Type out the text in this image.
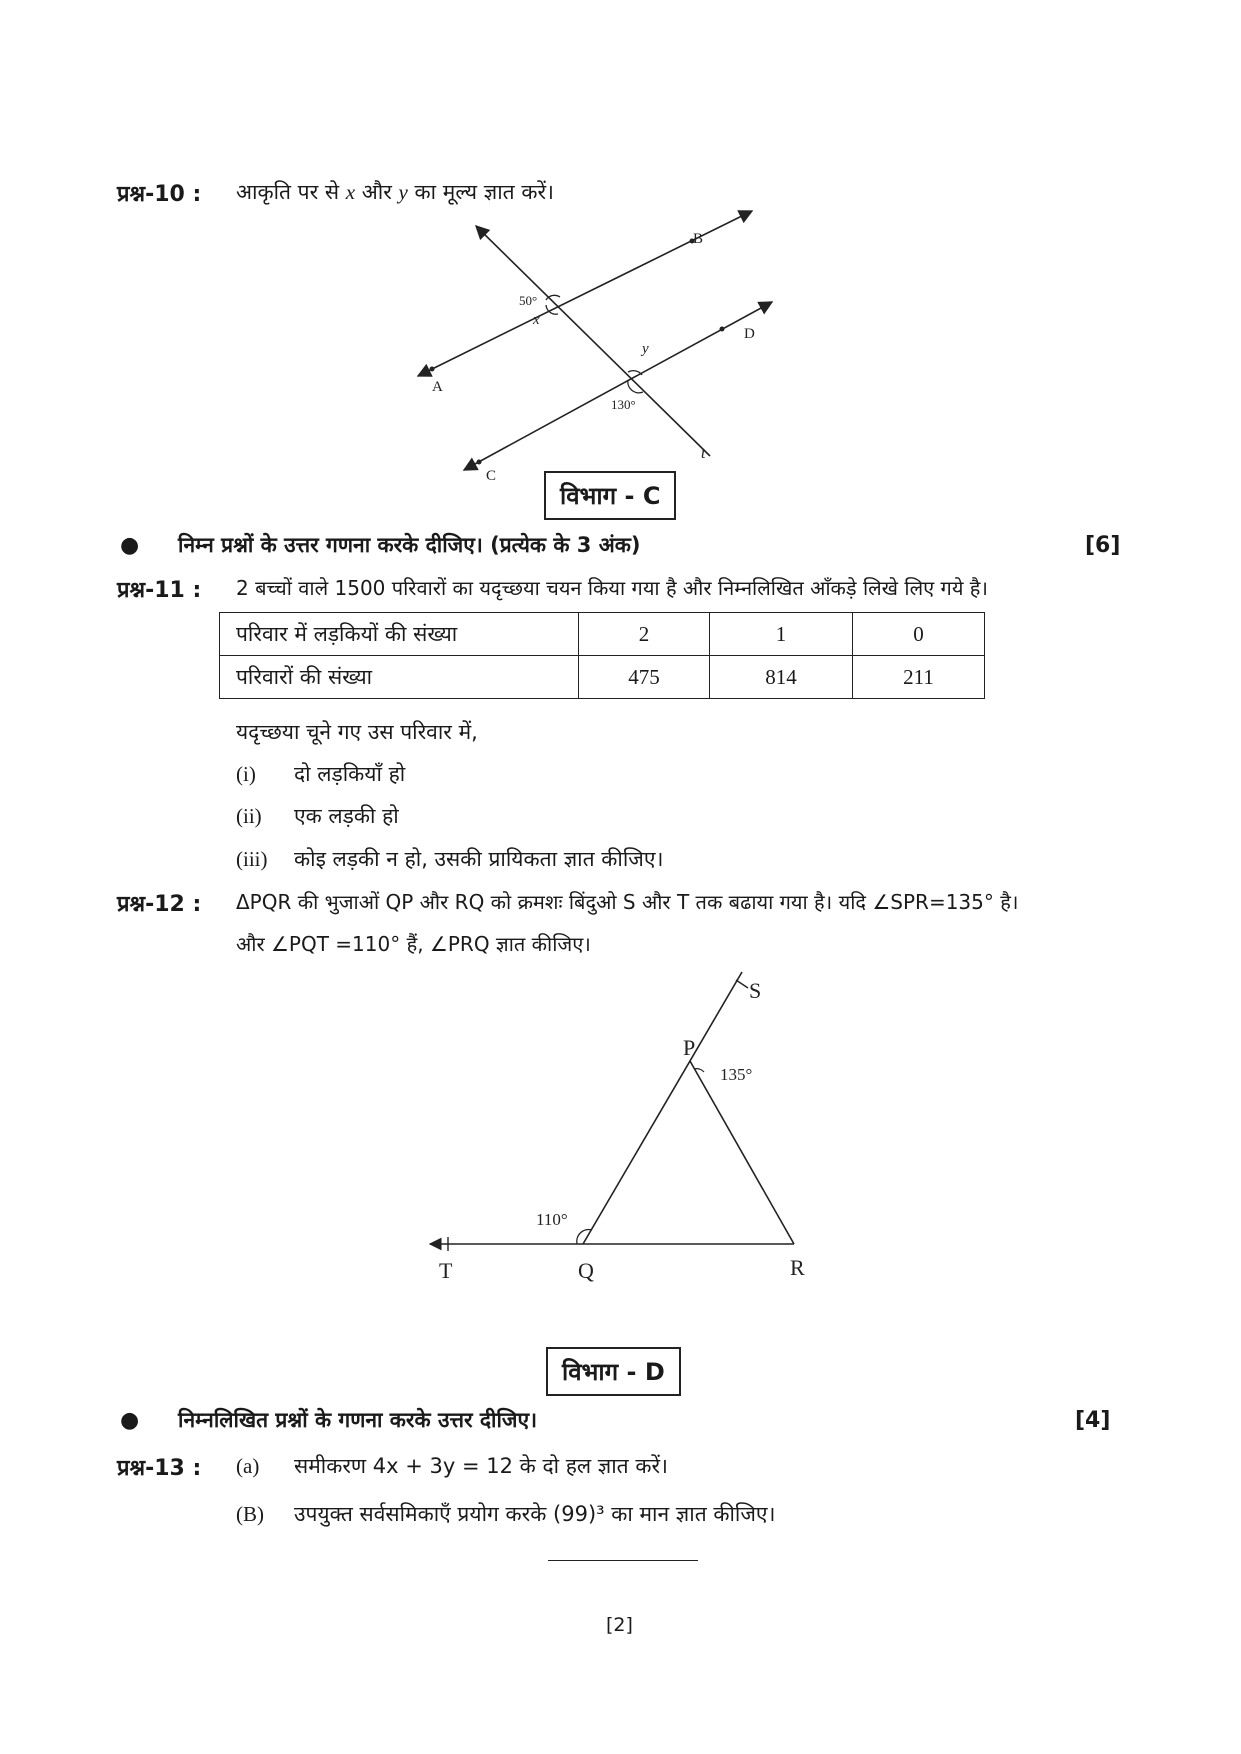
प्रश्न-10 : आकृति पर से x और y का मूल्य ज्ञात करें।
B
D
A
C
t
50°
x
y
130°
विभाग - C
● निम्न प्रश्नों के उत्तर गणना करके दीजिए। (प्रत्येक के 3 अंक)	[6]
प्रश्न-11 : 2 बच्चों वाले 1500 परिवारों का यदृच्छया चयन किया गया है और निम्नलिखित आँकड़े लिखे लिए गये है।
परिवार में लड़कियों की संख्या	2	1	0
परिवारों की संख्या	475	814	211
यदृच्छया चूने गए उस परिवार में,
(i) दो लड़कियाँ हो
(ii) एक लड़की हो
(iii) कोइ लड़की न हो, उसकी प्रायिकता ज्ञात कीजिए।
प्रश्न-12 : ΔPQR की भुजाओं QP और RQ को क्रमशः बिंदुओ S और T तक बढाया गया है। यदि ∠SPR=135° है।
और ∠PQT =110° हैं, ∠PRQ ज्ञात कीजिए।
S
P
135°
110°
T	Q	R
विभाग - D
● निम्नलिखित प्रश्नों के गणना करके उत्तर दीजिए।	[4]
प्रश्न-13 : (a) समीकरण 4x + 3y = 12 के दो हल ज्ञात करें।
(B) उपयुक्त सर्वसमिकाएँ प्रयोग करके (99)³ का मान ज्ञात कीजिए।
[2]
